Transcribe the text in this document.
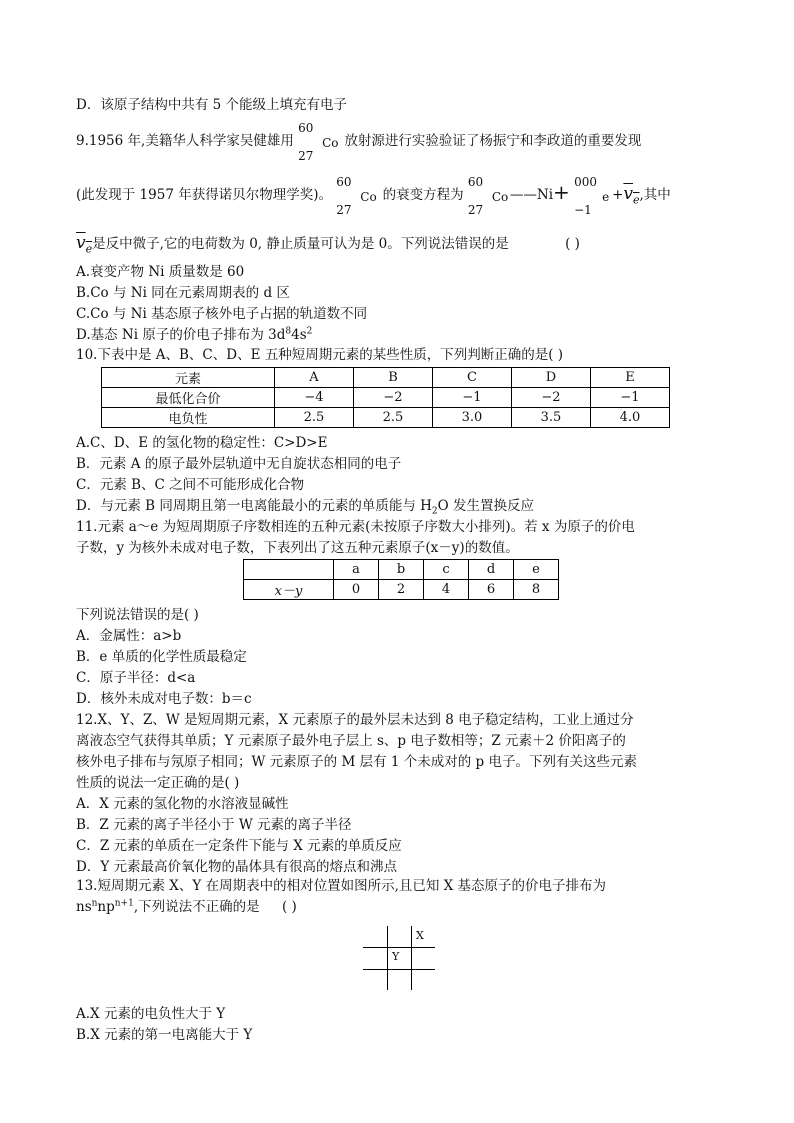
D．该原子结构中共有 5 个能级上填充有电子
9.1956 年,美籍华人科学家吴健雄用
60
27
Co 放射源进行实验验证了杨振宁和李政道的重要发现
(此发现于 1957 年获得诺贝尔物理学奖)。
60
27
Co 的衰变方程为
60
27
Co ——Ni+ 000
−1
$e +v_e$,其中
$v_e$是反中微子,它的电荷数为 0, 静止质量可认为是 0。下列说法错误的是	( )
A.衰变产物 Ni 质量数是 60
B.Co 与 Ni 同在元素周期表的 d 区
C.Co 与 Ni 基态原子核外电子占据的轨道数不同
D.基态 Ni 原子的价电子排布为 $3d^84s^2$
10.下表中是 A、B、C、D、E 五种短周期元素的某些性质，下列判断正确的是( )
元素	A	B	C	D	E
最低化合价	−4	−2	−1	−2	−1
电负性	2.5	2.5	3.0	3.5	4.0
A.C、D、E 的氢化物的稳定性：C>D>E
B．元素 A 的原子最外层轨道中无自旋状态相同的电子
C．元素 B、C 之间不可能形成化合物
D．与元素 B 同周期且第一电离能最小的元素的单质能与 $H_2O$ 发生置换反应
11.元素 a～e 为短周期原子序数相连的五种元素(未按原子序数大小排列)。若 x 为原子的价电
子数，y 为核外未成对电子数，下表列出了这五种元素原子(x－y)的数值。
	a	b	c	d	e
x－y	0	2	4	6	8
下列说法错误的是( )
A．金属性：a>b
B．e 单质的化学性质最稳定
C．原子半径：d<a
D．核外未成对电子数：b＝c
12.X、Y、Z、W 是短周期元素，X 元素原子的最外层未达到 8 电子稳定结构，工业上通过分
离液态空气获得其单质；Y 元素原子最外电子层上 s、p 电子数相等；Z 元素＋2 价阳离子的
核外电子排布与氖原子相同；W 元素原子的 M 层有 1 个未成对的 p 电子。下列有关这些元素
性质的说法一定正确的是( )
A．X 元素的氢化物的水溶液显碱性
B．Z 元素的离子半径小于 W 元素的离子半径
C．Z 元素的单质在一定条件下能与 X 元素的单质反应
D．Y 元素最高价氧化物的晶体具有很高的熔点和沸点
13.短周期元素 X、Y 在周期表中的相对位置如图所示,且已知 X 基态原子的价电子排布为
$ns^nnp^{n+1}$,下列说法不正确的是 ( )
X
Y
A.X 元素的电负性大于 Y
B.X 元素的第一电离能大于 Y
